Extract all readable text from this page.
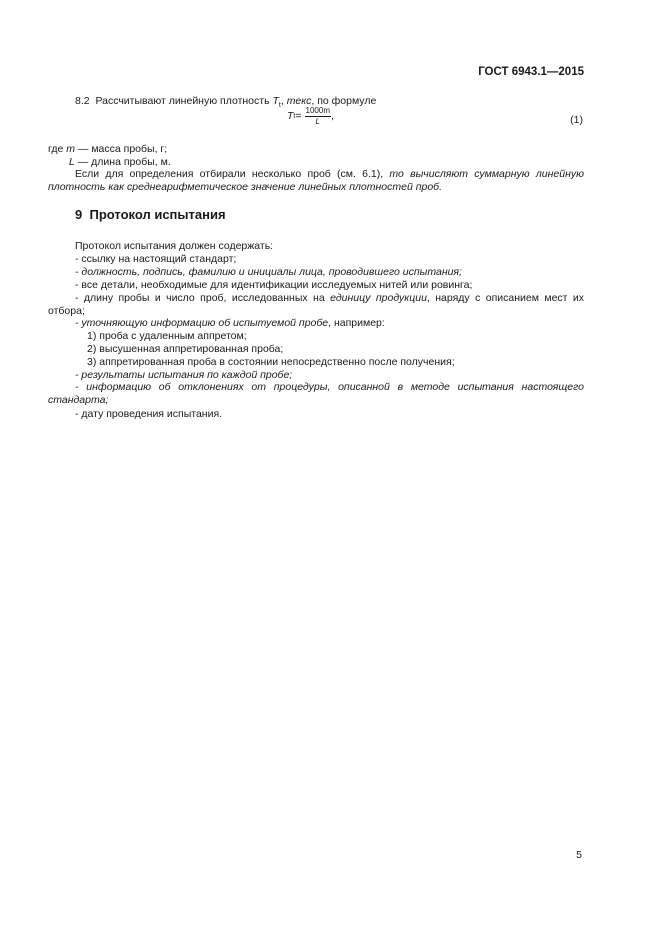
ГОСТ 6943.1—2015
8.2 Рассчитывают линейную плотность $T_t$, текс, по формуле
T $t = \frac{1000m}{L}$ ,	(1)
где m — масса пробы, г;
L — длина пробы, м.
Если для определения отбирали несколько проб (см. 6.1), то вычисляют суммарную линейную плотность как среднеарифметическое значение линейных плотностей проб.
9 Протокол испытания
Протокол испытания должен содержать:
- ссылку на настоящий стандарт;
- должность, подпись, фамилию и инициалы лица, проводившего испытания;
- все детали, необходимые для идентификации исследуемых нитей или ровинга;
- длину пробы и число проб, исследованных на единицу продукции, наряду с описанием мест их отбора;
- уточняющую информацию об испытуемой пробе, например:
1) проба с удаленным аппретом;
2) высушенная аппретированная проба;
3) аппретированная проба в состоянии непосредственно после получения;
- результаты испытания по каждой пробе;
- информацию об отклонениях от процедуры, описанной в методе испытания настоящего стандарта;
- дату проведения испытания.
5
